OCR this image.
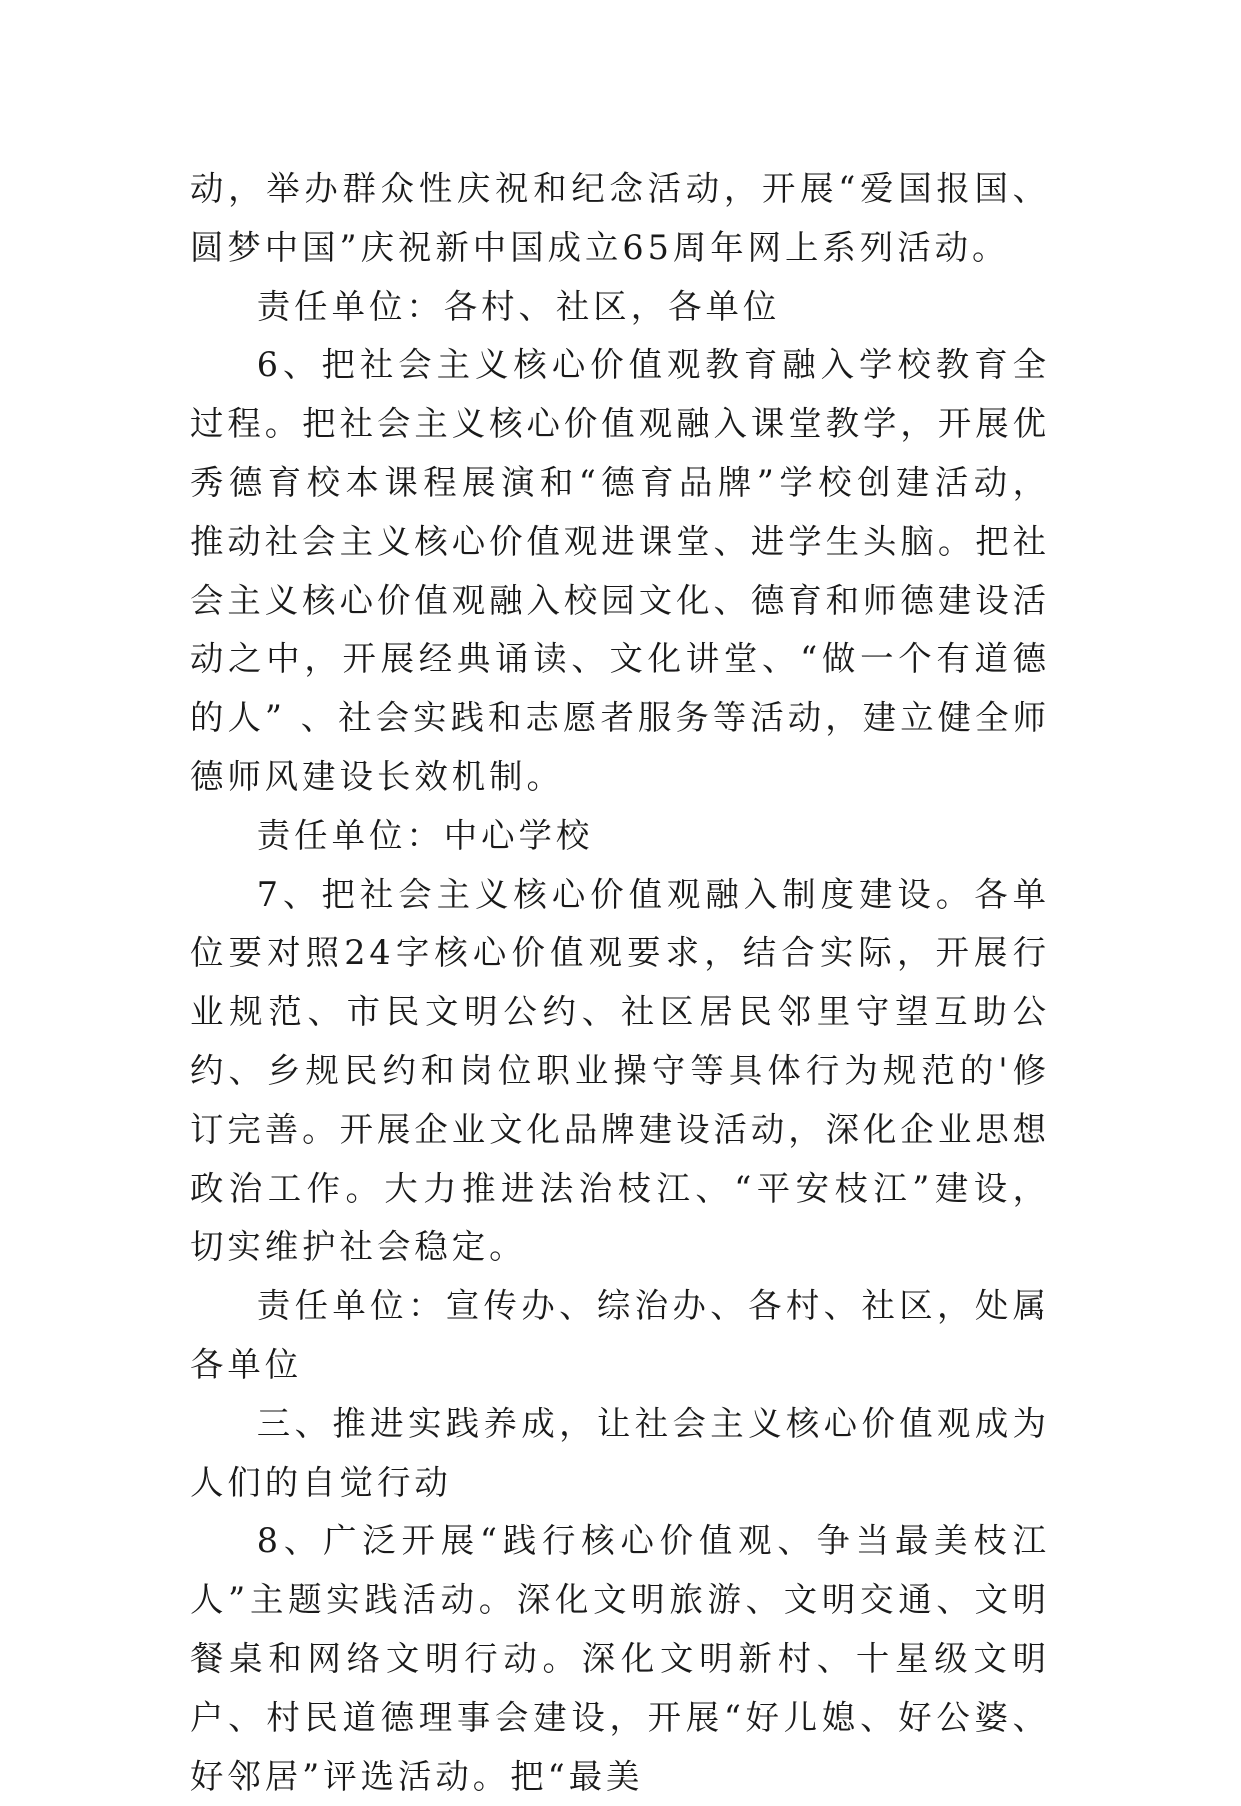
动，举办群众性庆祝和纪念活动，开展“爱国报国、圆梦中国”庆祝新中国成立65周年网上系列活动。

责任单位：各村、社区，各单位

6、把社会主义核心价值观教育融入学校教育全过程。把社会主义核心价值观融入课堂教学，开展优秀德育校本课程展演和“德育品牌”学校创建活动，推动社会主义核心价值观进课堂、进学生头脑。把社会主义核心价值观融入校园文化、德育和师德建设活动之中，开展经典诵读、文化讲堂、“做一个有道德的人” 、社会实践和志愿者服务等活动，建立健全师德师风建设长效机制。

责任单位：中心学校

7、把社会主义核心价值观融入制度建设。各单位要对照24字核心价值观要求，结合实际，开展行业规范、市民文明公约、社区居民邻里守望互助公约、乡规民约和岗位职业操守等具体行为规范的'修订完善。开展企业文化品牌建设活动，深化企业思想政治工作。大力推进法治枝江、“平安枝江”建设，切实维护社会稳定。

责任单位：宣传办、综治办、各村、社区，处属各单位

三、推进实践养成，让社会主义核心价值观成为人们的自觉行动

8、广泛开展“践行核心价值观、争当最美枝江人”主题实践活动。深化文明旅游、文明交通、文明餐桌和网络文明行动。深化文明新村、十星级文明户、村民道德理事会建设，开展“好儿媳、好公婆、好邻居”评选活动。把“最美
